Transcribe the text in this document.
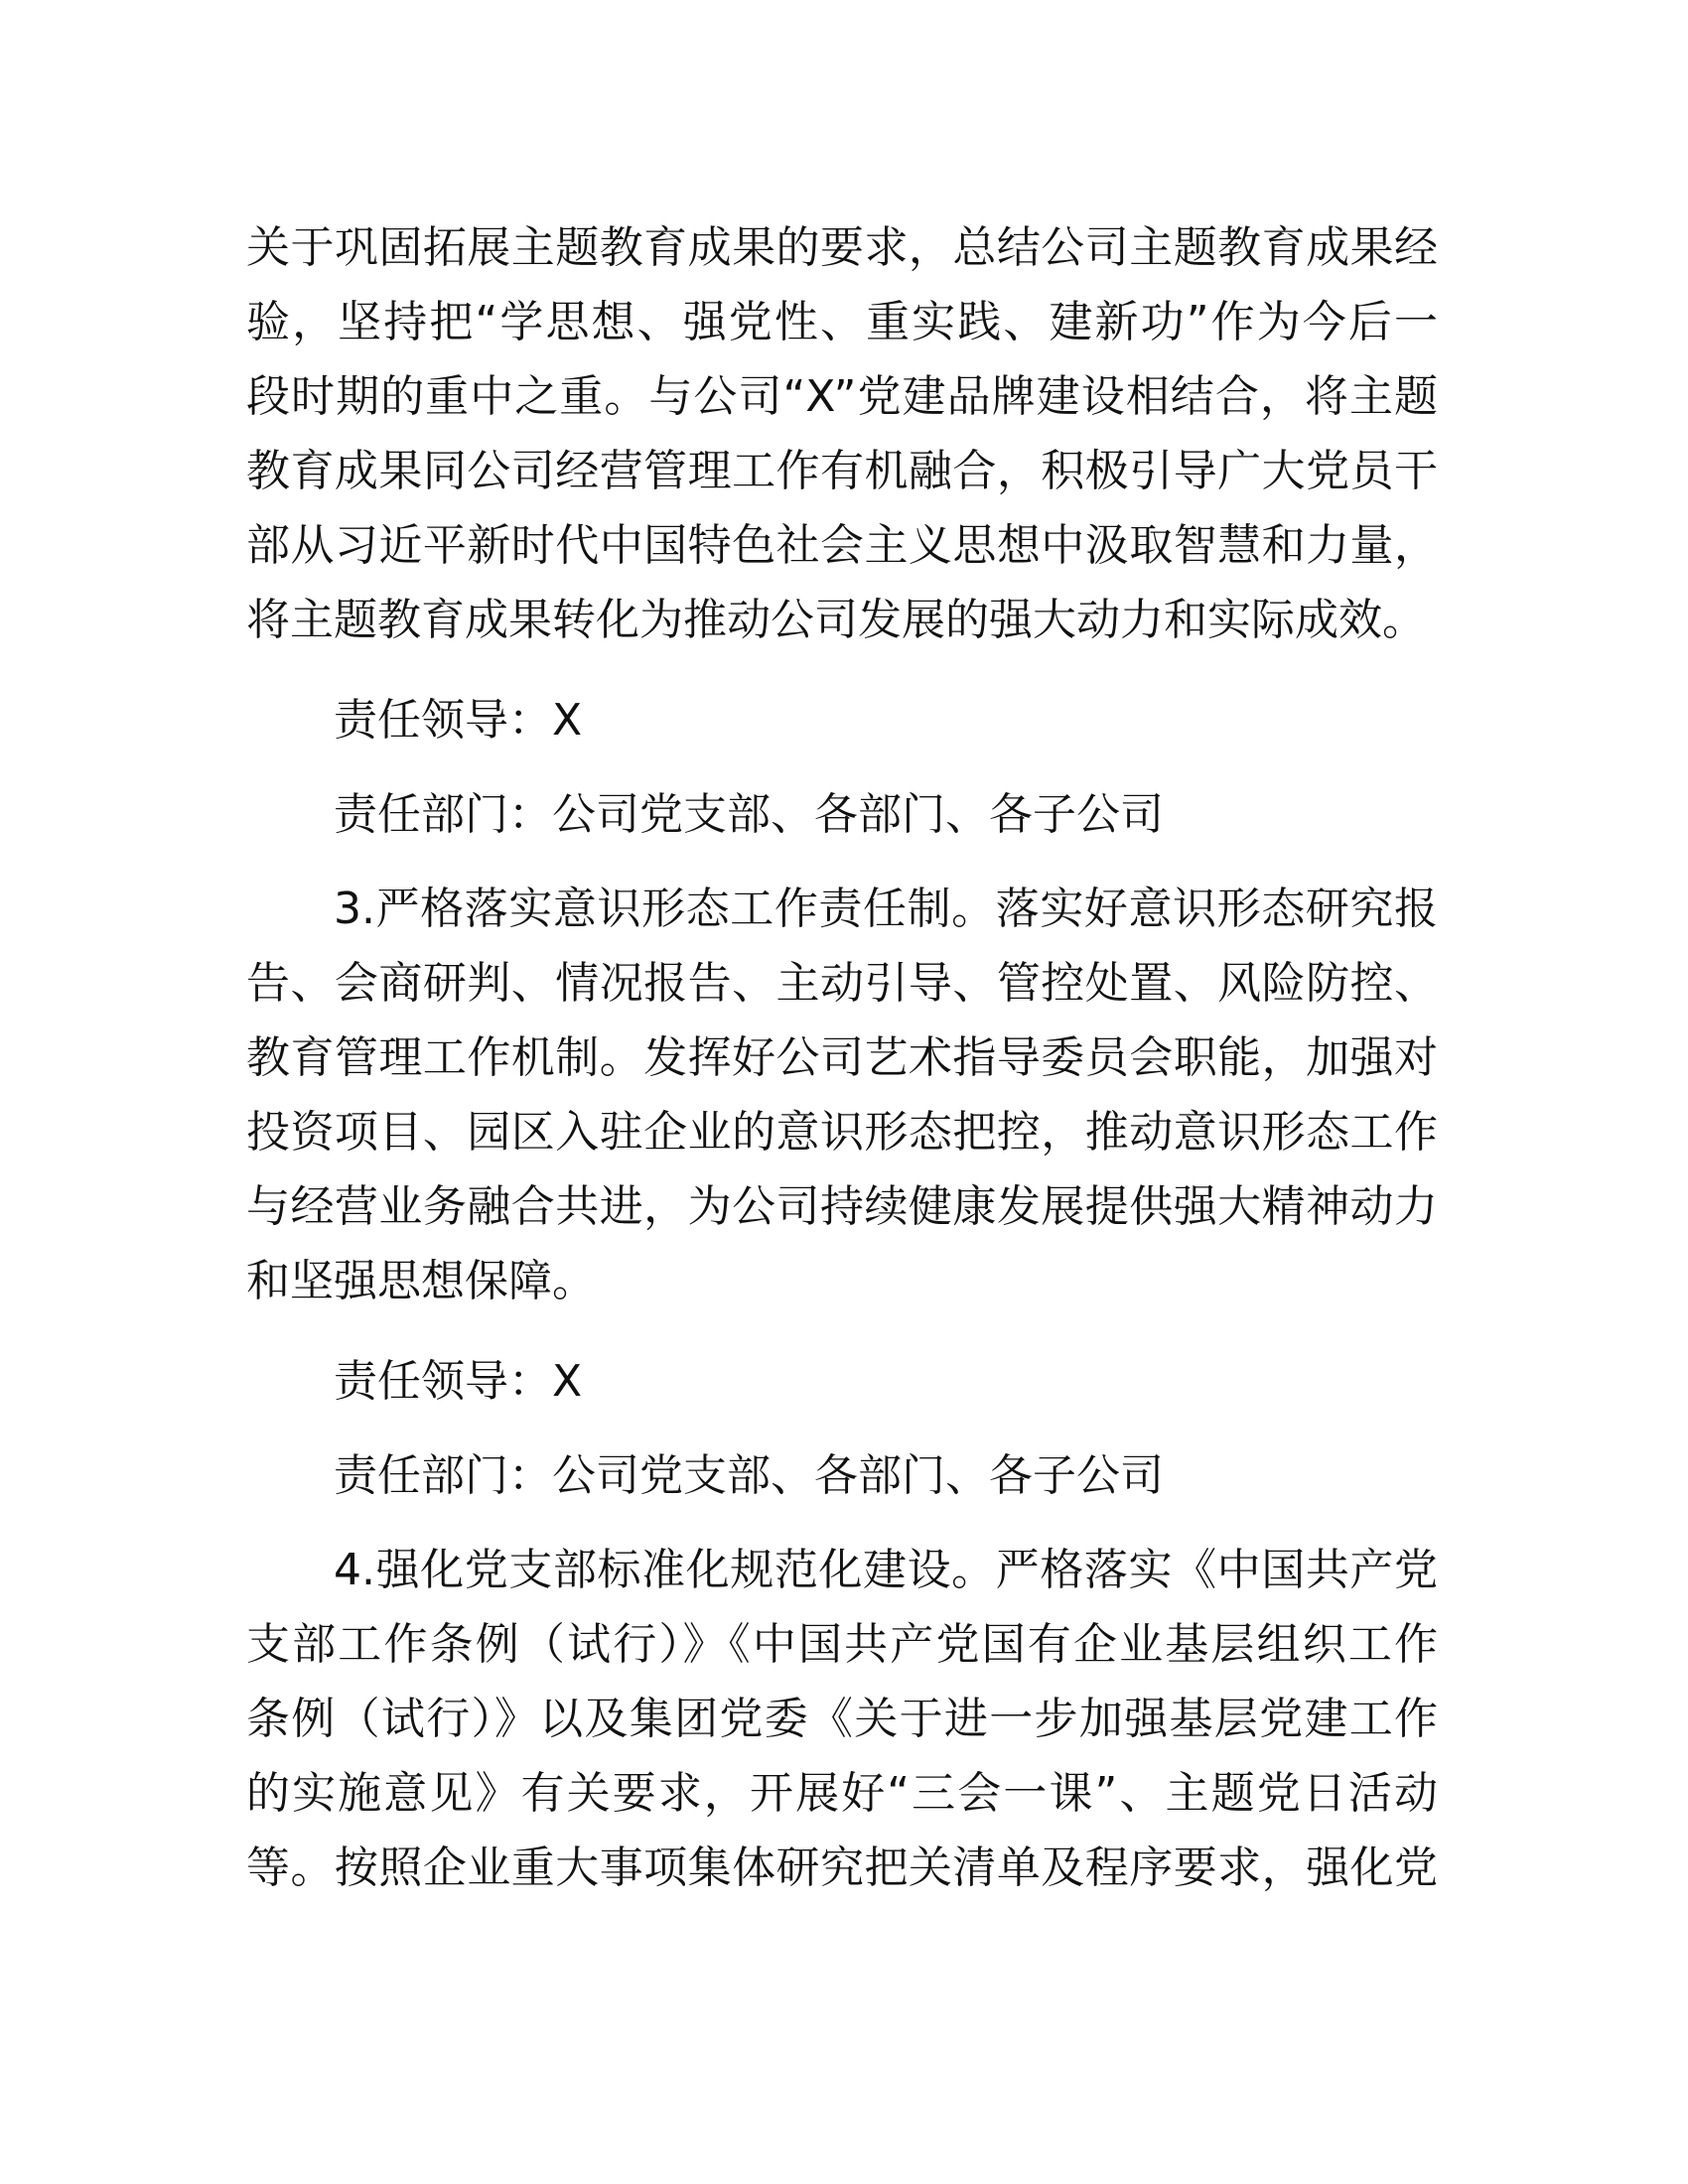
关于巩固拓展主题教育成果的要求，总结公司主题教育成果经
验，坚持把“学思想、强党性、重实践、建新功”作为今后一
段时期的重中之重。与公司“X”党建品牌建设相结合，将主题
教育成果同公司经营管理工作有机融合，积极引导广大党员干
部从习近平新时代中国特色社会主义思想中汲取智慧和力量，
将主题教育成果转化为推动公司发展的强大动力和实际成效。
责任领导：X
责任部门：公司党支部、各部门、各子公司
3.严格落实意识形态工作责任制。落实好意识形态研究报
告、会商研判、情况报告、主动引导、管控处置、风险防控、
教育管理工作机制。发挥好公司艺术指导委员会职能，加强对
投资项目、园区入驻企业的意识形态把控，推动意识形态工作
与经营业务融合共进，为公司持续健康发展提供强大精神动力
和坚强思想保障。
责任领导：X
责任部门：公司党支部、各部门、各子公司
4.强化党支部标准化规范化建设。严格落实《中国共产党
支部工作条例（试行）》《中国共产党国有企业基层组织工作
条例（试行）》以及集团党委《关于进一步加强基层党建工作
的实施意见》有关要求，开展好“三会一课”、主题党日活动
等。按照企业重大事项集体研究把关清单及程序要求，强化党
